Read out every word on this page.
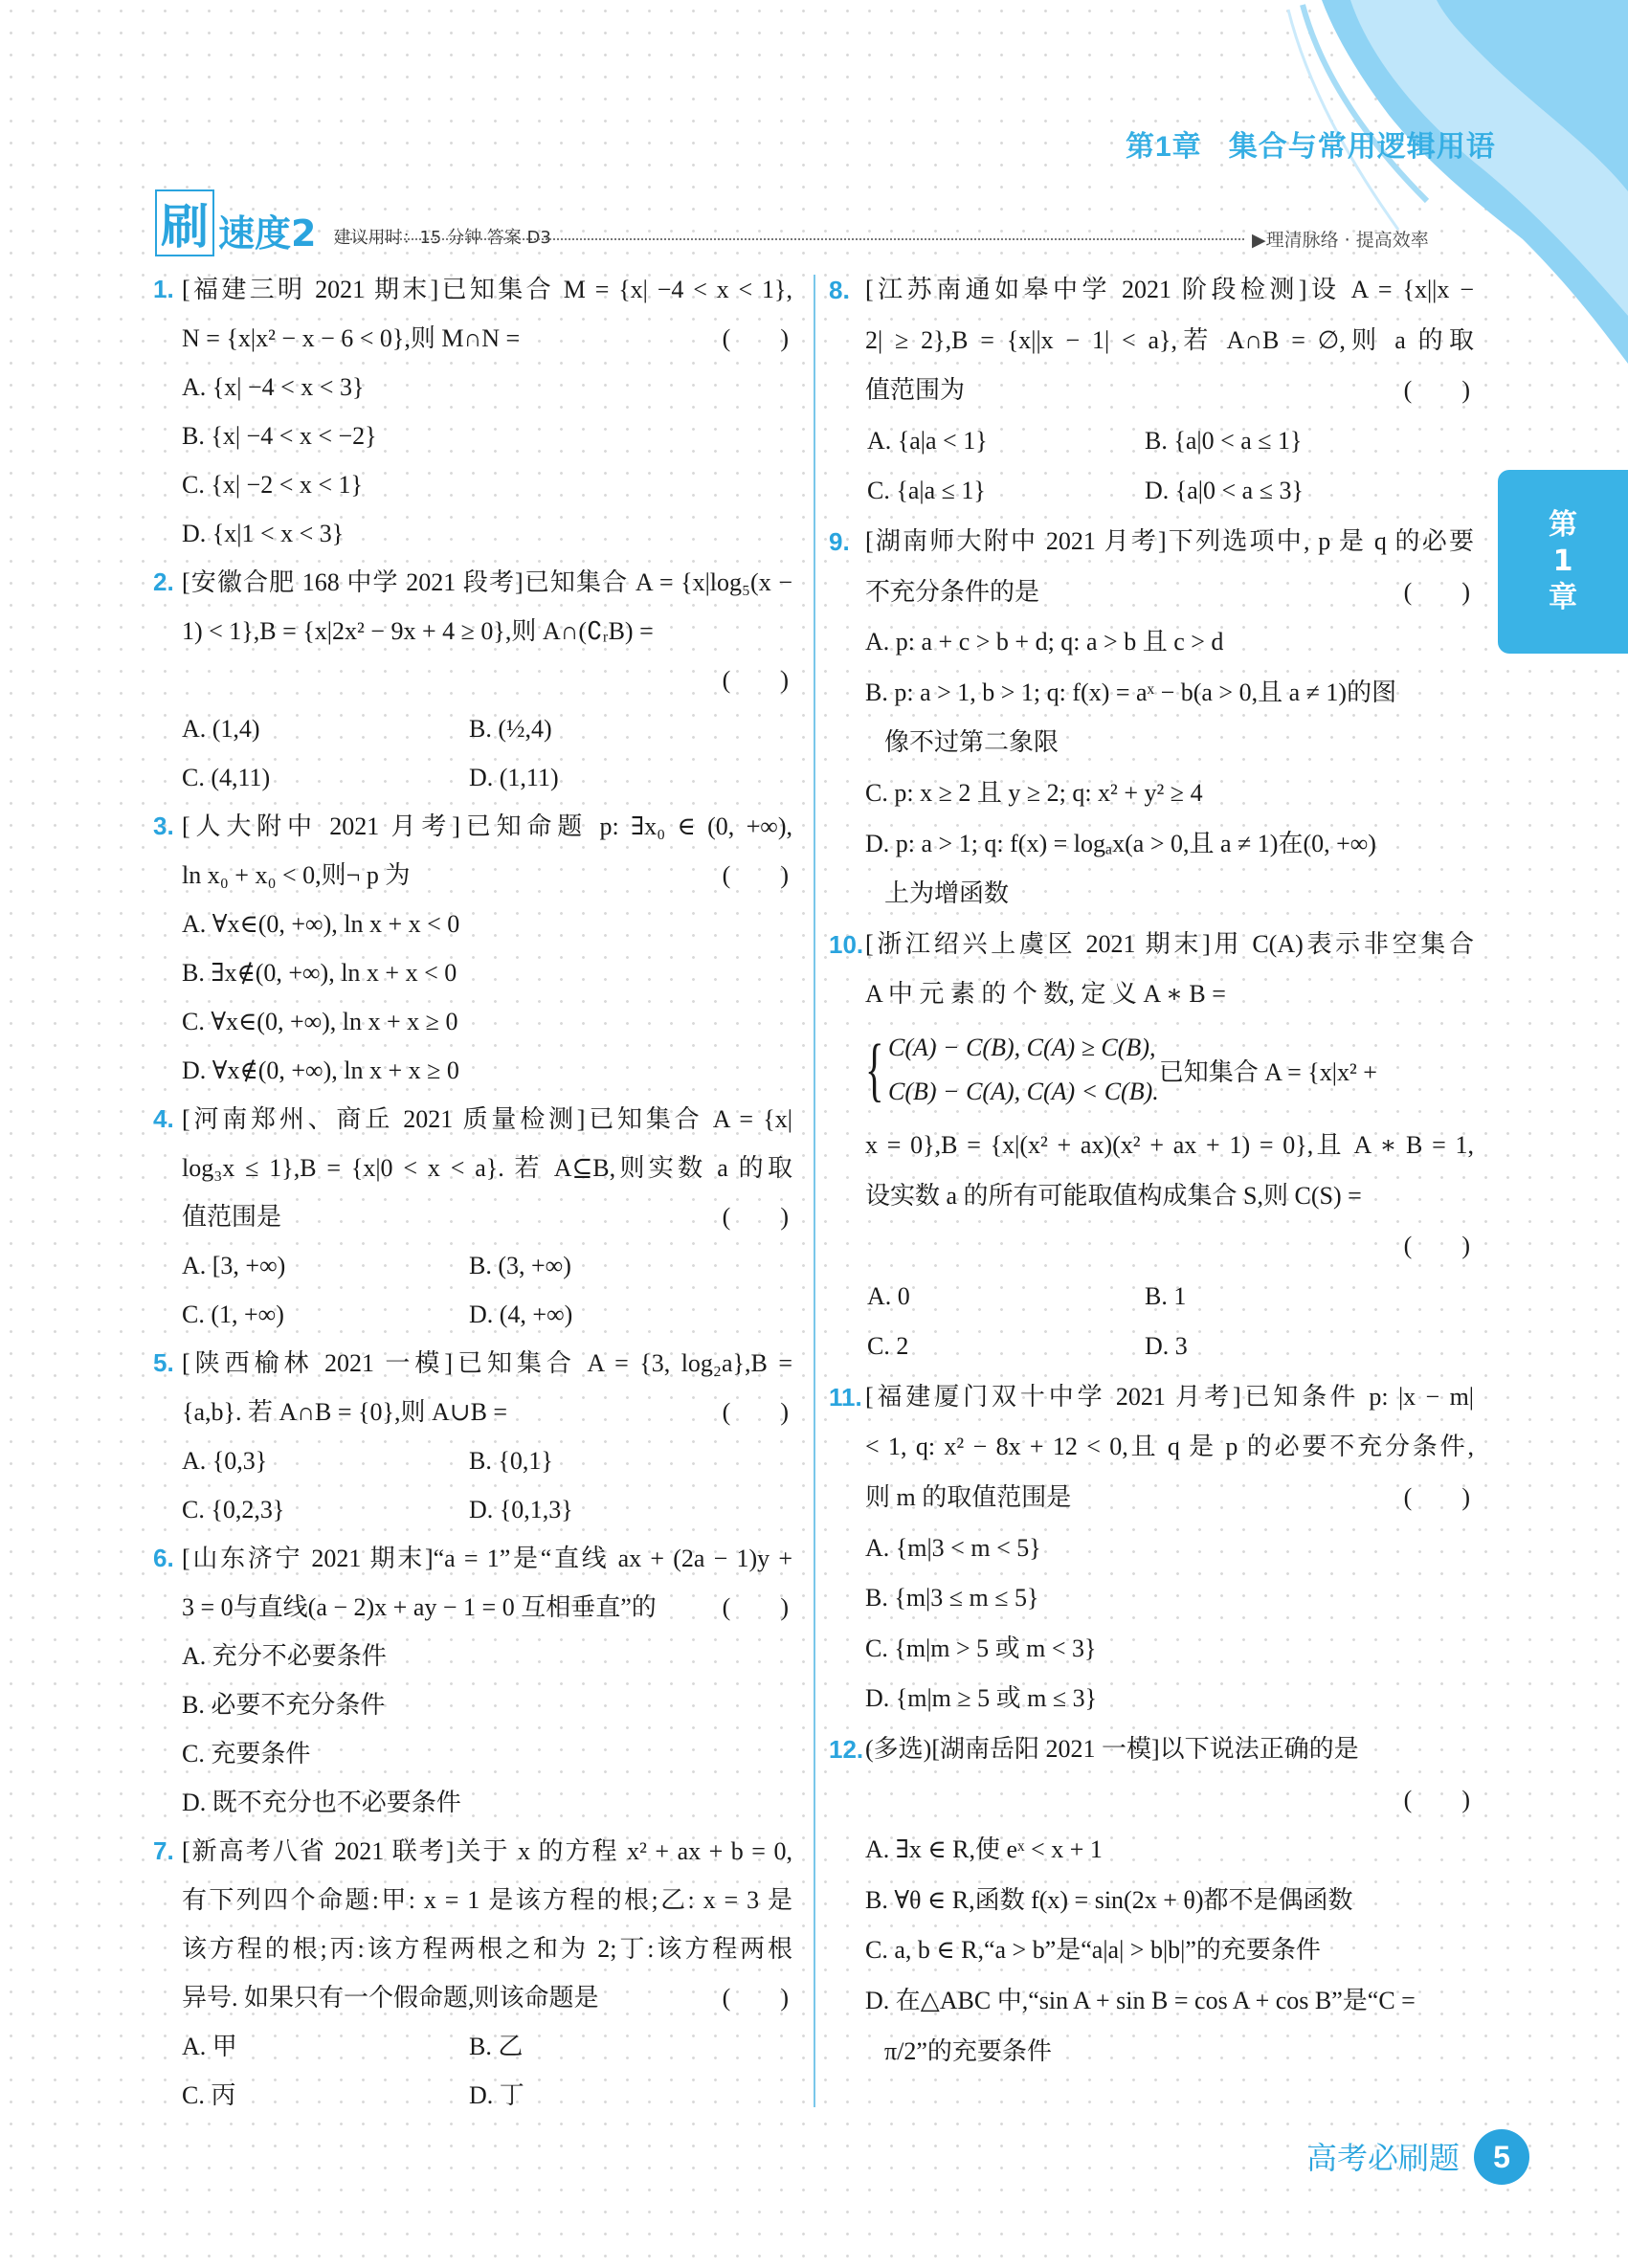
第1章   集合与常用逻辑用语
刷 速度2 建议用时：15 分钟 答案 D3	▶理清脉络 · 提高效率
1. [福建三明 2021 期末]已知集合 M = {x| −4 < x < 1},
N = {x|x² − x − 6 < 0},则 M∩N =	(        )
A. {x| −4 < x < 3}
B. {x| −4 < x < −2}
C. {x| −2 < x < 1}
D. {x|1 < x < 3}
2. [安徽合肥 168 中学 2021 段考]已知集合 A = {x|log₅(x −
1) < 1},B = {x|2x² − 9x + 4 ≥ 0},则 A∩(∁ᵣB) =
(        )
A. (1,4)	B. (½,4)
C. (4,11)	D. (1,11)
3. [人大附中 2021 月考]已知命题 p: ∃x₀ ∈ (0, +∞),
ln x₀ + x₀ < 0,则¬ p 为	(        )
A. ∀x∈(0, +∞), ln x + x < 0
B. ∃x∉(0, +∞), ln x + x < 0
C. ∀x∈(0, +∞), ln x + x ≥ 0
D. ∀x∉(0, +∞), ln x + x ≥ 0
4. [河南郑州、商丘 2021 质量检测]已知集合 A = {x|
log₃x ≤ 1},B = {x|0 < x < a}. 若 A⊆B,则实数 a 的取
值范围是	(        )
A. [3, +∞)	B. (3, +∞)
C. (1, +∞)	D. (4, +∞)
5. [陕西榆林 2021 一模]已知集合 A = {3, log₂a},B =
{a,b}. 若 A∩B = {0},则 A∪B =	(        )
A. {0,3}	B. {0,1}
C. {0,2,3}	D. {0,1,3}
6. [山东济宁 2021 期末]“a = 1”是“直线 ax + (2a − 1)y +
3 = 0与直线(a − 2)x + ay − 1 = 0 互相垂直”的	(        )
A. 充分不必要条件
B. 必要不充分条件
C. 充要条件
D. 既不充分也不必要条件
7. [新高考八省 2021 联考]关于 x 的方程 x² + ax + b = 0,
有下列四个命题:甲: x = 1 是该方程的根;乙: x = 3 是
该方程的根;丙:该方程两根之和为 2;丁:该方程两根
异号. 如果只有一个假命题,则该命题是	(        )
A. 甲	B. 乙
C. 丙	D. 丁
8. [江苏南通如皋中学 2021 阶段检测]设 A = {x||x −
2| ≥ 2},B = {x||x − 1| < a},若 A∩B = ∅,则 a 的取
值范围为	(        )
A. {a|a < 1}	B. {a|0 < a ≤ 1}
C. {a|a ≤ 1}	D. {a|0 < a ≤ 3}
9. [湖南师大附中 2021 月考]下列选项中, p 是 q 的必要
不充分条件的是	(        )
A. p: a + c > b + d; q: a > b 且 c > d
B. p: a > 1, b > 1; q: f(x) = aˣ − b(a > 0,且 a ≠ 1)的图
像不过第二象限
C. p: x ≥ 2 且 y ≥ 2; q: x² + y² ≥ 4
D. p: a > 1; q: f(x) = logₐx(a > 0,且 a ≠ 1)在(0, +∞)
上为增函数
10. [浙江绍兴上虞区 2021 期末]用 C(A)表示非空集合
A 中 元 素 的 个 数, 定 义 A ∗ B =
{ C(A) − C(B), C(A) ≥ C(B),
C(B) − C(A), C(A) < C(B).
已知集合 A = {x|x² +
x = 0},B = {x|(x² + ax)(x² + ax + 1) = 0},且 A ∗ B = 1,
设实数 a 的所有可能取值构成集合 S,则 C(S) =
(        )
A. 0	B. 1
C. 2	D. 3
11. [福建厦门双十中学 2021 月考]已知条件 p: |x − m|
< 1, q: x² − 8x + 12 < 0,且 q 是 p 的必要不充分条件,
则 m 的取值范围是	(        )
A. {m|3 < m < 5}
B. {m|3 ≤ m ≤ 5}
C. {m|m > 5 或 m < 3}
D. {m|m ≥ 5 或 m ≤ 3}
12. (多选)[湖南岳阳 2021 一模]以下说法正确的是
(        )
A. ∃x ∈ R,使 eˣ < x + 1
B. ∀θ ∈ R,函数 f(x) = sin(2x + θ)都不是偶函数
C. a, b ∈ R,“a > b”是“a|a| > b|b|”的充要条件
D. 在△ABC 中,“sin A + sin B = cos A + cos B”是“C =
π/2”的充要条件
第
1
章
高考必刷题	5
